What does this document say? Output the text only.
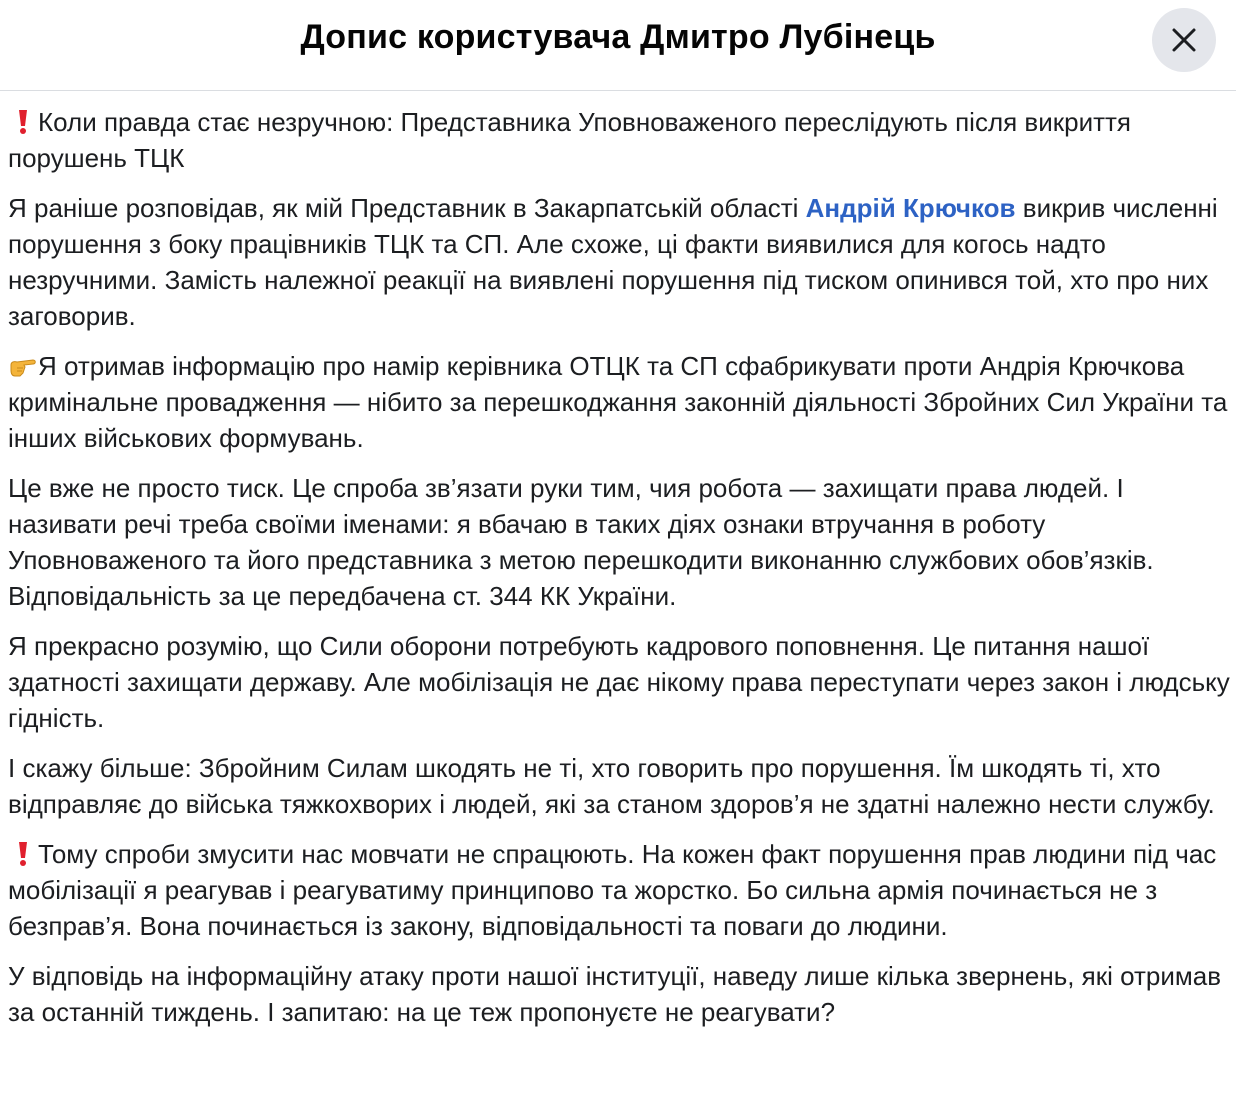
Допис користувача Дмитро Лубінець

Коли правда стає незручною: Представника Уповноваженого переслідують після викриття порушень ТЦК

Я раніше розповідав, як мій Представник в Закарпатській області Андрій Крючков викрив численні порушення з боку працівників ТЦК та СП. Але схоже, ці факти виявилися для когось надто незручними. Замість належної реакції на виявлені порушення під тиском опинився той, хто про них заговорив.

Я отримав інформацію про намір керівника ОТЦК та СП сфабрикувати проти Андрія Крючкова кримінальне провадження — нібито за перешкоджання законній діяльності Збройних Сил України та інших військових формувань.

Це вже не просто тиск. Це спроба зв’язати руки тим, чия робота — захищати права людей. І називати речі треба своїми іменами: я вбачаю в таких діях ознаки втручання в роботу Уповноваженого та його представника з метою перешкодити виконанню службових обов’язків. Відповідальність за це передбачена ст. 344 КК України.

Я прекрасно розумію, що Сили оборони потребують кадрового поповнення. Це питання нашої здатності захищати державу. Але мобілізація не дає нікому права переступати через закон і людську гідність.

І скажу більше: Збройним Силам шкодять не ті, хто говорить про порушення. Їм шкодять ті, хто відправляє до війська тяжкохворих і людей, які за станом здоров’я не здатні належно нести службу.

Тому спроби змусити нас мовчати не спрацюють. На кожен факт порушення прав людини під час мобілізації я реагував і реагуватиму принципово та жорстко. Бо сильна армія починається не з безправ’я. Вона починається із закону, відповідальності та поваги до людини.

У відповідь на інформаційну атаку проти нашої інституції, наведу лише кілька звернень, які отримав за останній тиждень. І запитаю: на це теж пропонуєте не реагувати?
